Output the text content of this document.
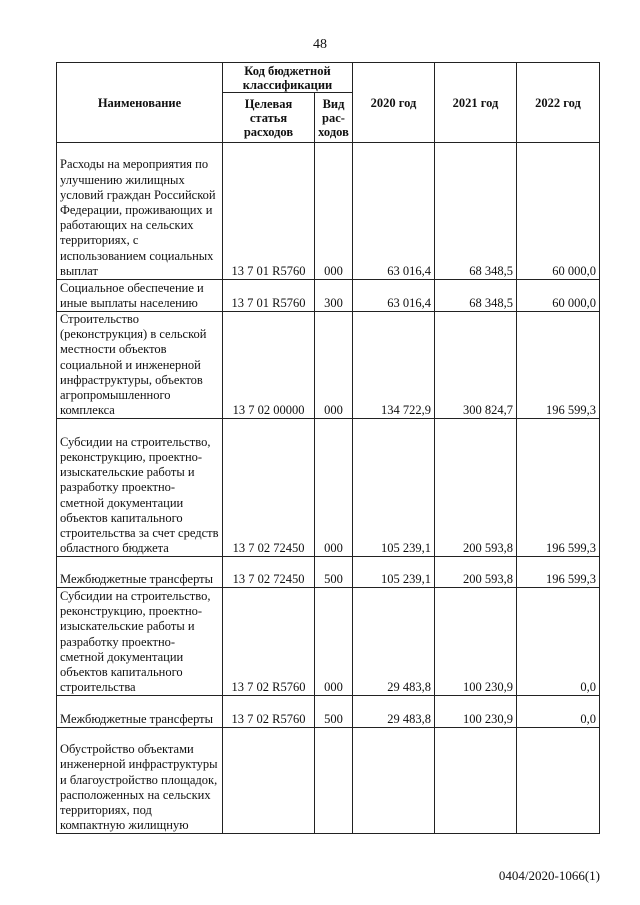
48
Наименование	Код бюджетной классификации		2020 год	2021 год	2022 год
	Целевая статья расходов	Вид рас-ходов			
Расходы на мероприятия по улучшению жилищных условий граждан Российской Федерации, проживающих и работающих на сельских территориях, с использованием социальных выплат	13 7 01 R5760	000	63 016,4	68 348,5	60 000,0
Социальное обеспечение и иные выплаты населению	13 7 01 R5760	300	63 016,4	68 348,5	60 000,0
Строительство (реконструкция) в сельской местности объектов социальной и инженерной инфраструктуры, объектов агропромышленного комплекса	13 7 02 00000	000	134 722,9	300 824,7	196 599,3
Субсидии на строительство, реконструкцию, проектно-изыскательские работы и разработку проектно-сметной документации объектов капитального строительства за счет средств областного бюджета	13 7 02 72450	000	105 239,1	200 593,8	196 599,3
Межбюджетные трансферты	13 7 02 72450	500	105 239,1	200 593,8	196 599,3
Субсидии на строительство, реконструкцию, проектно-изыскательские работы и разработку проектно-сметной документации объектов капитального строительства	13 7 02 R5760	000	29 483,8	100 230,9	0,0
Межбюджетные трансферты	13 7 02 R5760	500	29 483,8	100 230,9	0,0
Обустройство объектами инженерной инфраструктуры и благоустройство площадок, расположенных на сельских территориях, под компактную жилищную					
0404/2020-1066(1)
